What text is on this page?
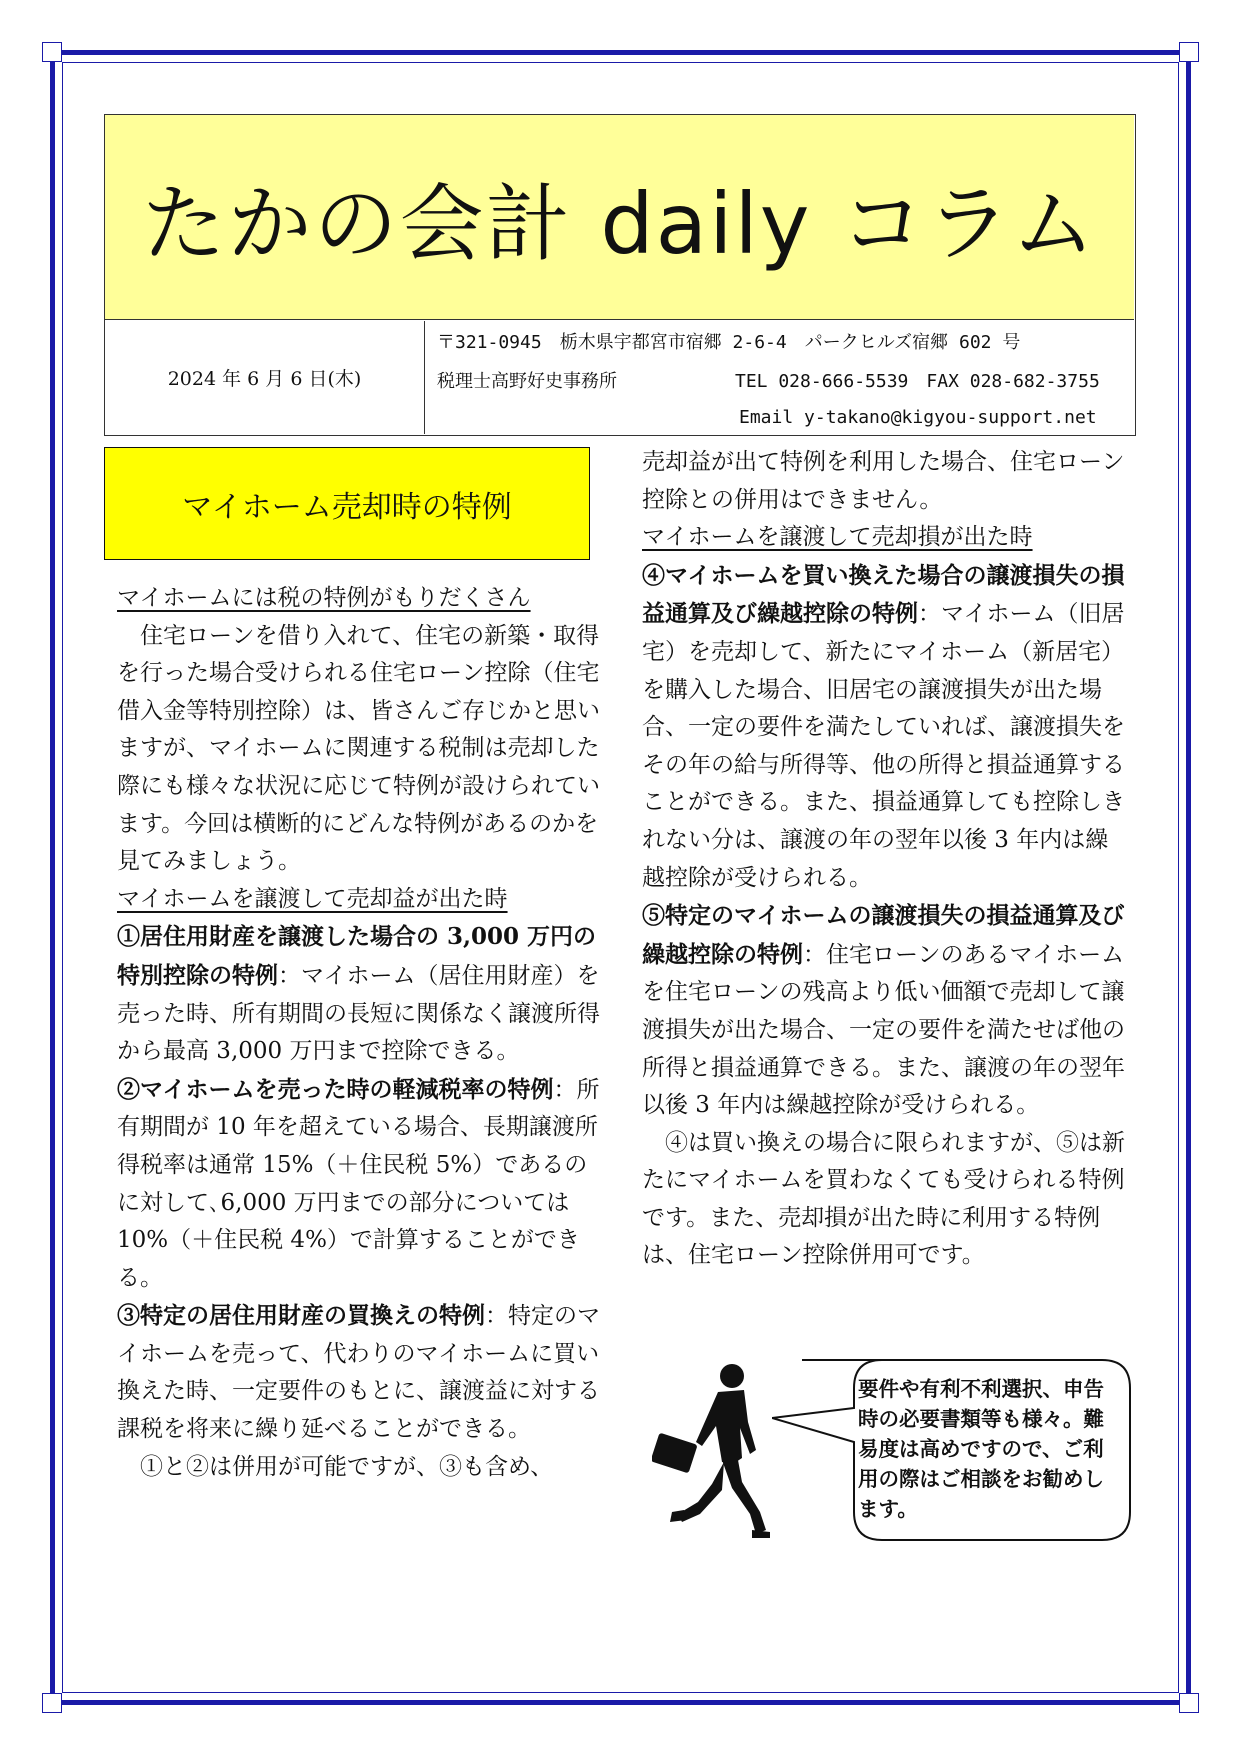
たかの会計 daily コラム
2024 年 6 月 6 日(木)
〒321-0945　栃木県宇都宮市宿郷 2-6-4　パークヒルズ宿郷 602 号
税理士高野好史事務所	TEL 028-666-5539　FAX 028-682-3755
Email y-takano@kigyou-support.net
マイホーム売却時の特例

マイホームには税の特例がもりだくさん

住宅ローンを借り入れて、住宅の新築・取得を行った場合受けられる住宅ローン控除（住宅借入金等特別控除）は、皆さんご存じかと思いますが、マイホームに関連する税制は売却した際にも様々な状況に応じて特例が設けられています。今回は横断的にどんな特例があるのかを見てみましょう。

マイホームを譲渡して売却益が出た時

①居住用財産を譲渡した場合の 3,000 万円の特別控除の特例：マイホーム（居住用財産）を売った時、所有期間の長短に関係なく譲渡所得から最高 3,000 万円まで控除できる。

②マイホームを売った時の軽減税率の特例：所有期間が 10 年を超えている場合、長期譲渡所得税率は通常 15%（＋住民税 5%）であるのに対して､6,000 万円までの部分については 10%（＋住民税 4%）で計算することができる。

③特定の居住用財産の買換えの特例：特定のマイホームを売って、代わりのマイホームに買い換えた時、一定要件のもとに、譲渡益に対する課税を将来に繰り延べることができる。

①と②は併用が可能ですが、③も含め、

売却益が出て特例を利用した場合、住宅ローン控除との併用はできません。

マイホームを譲渡して売却損が出た時

④マイホームを買い換えた場合の譲渡損失の損益通算及び繰越控除の特例：マイホーム（旧居宅）を売却して、新たにマイホーム（新居宅）を購入した場合、旧居宅の譲渡損失が出た場合、一定の要件を満たしていれば、譲渡損失をその年の給与所得等、他の所得と損益通算することができる。また、損益通算しても控除しきれない分は、譲渡の年の翌年以後 3 年内は繰越控除が受けられる。

⑤特定のマイホームの譲渡損失の損益通算及び繰越控除の特例：住宅ローンのあるマイホームを住宅ローンの残高より低い価額で売却して譲渡損失が出た場合、一定の要件を満たせば他の所得と損益通算できる。また、譲渡の年の翌年以後 3 年内は繰越控除が受けられる。

④は買い換えの場合に限られますが、⑤は新たにマイホームを買わなくても受けられる特例です。また、売却損が出た時に利用する特例は、住宅ローン控除併用可です。

要件や有利不利選択、申告時の必要書類等も様々。難易度は高めですので、ご利用の際はご相談をお勧めします。
